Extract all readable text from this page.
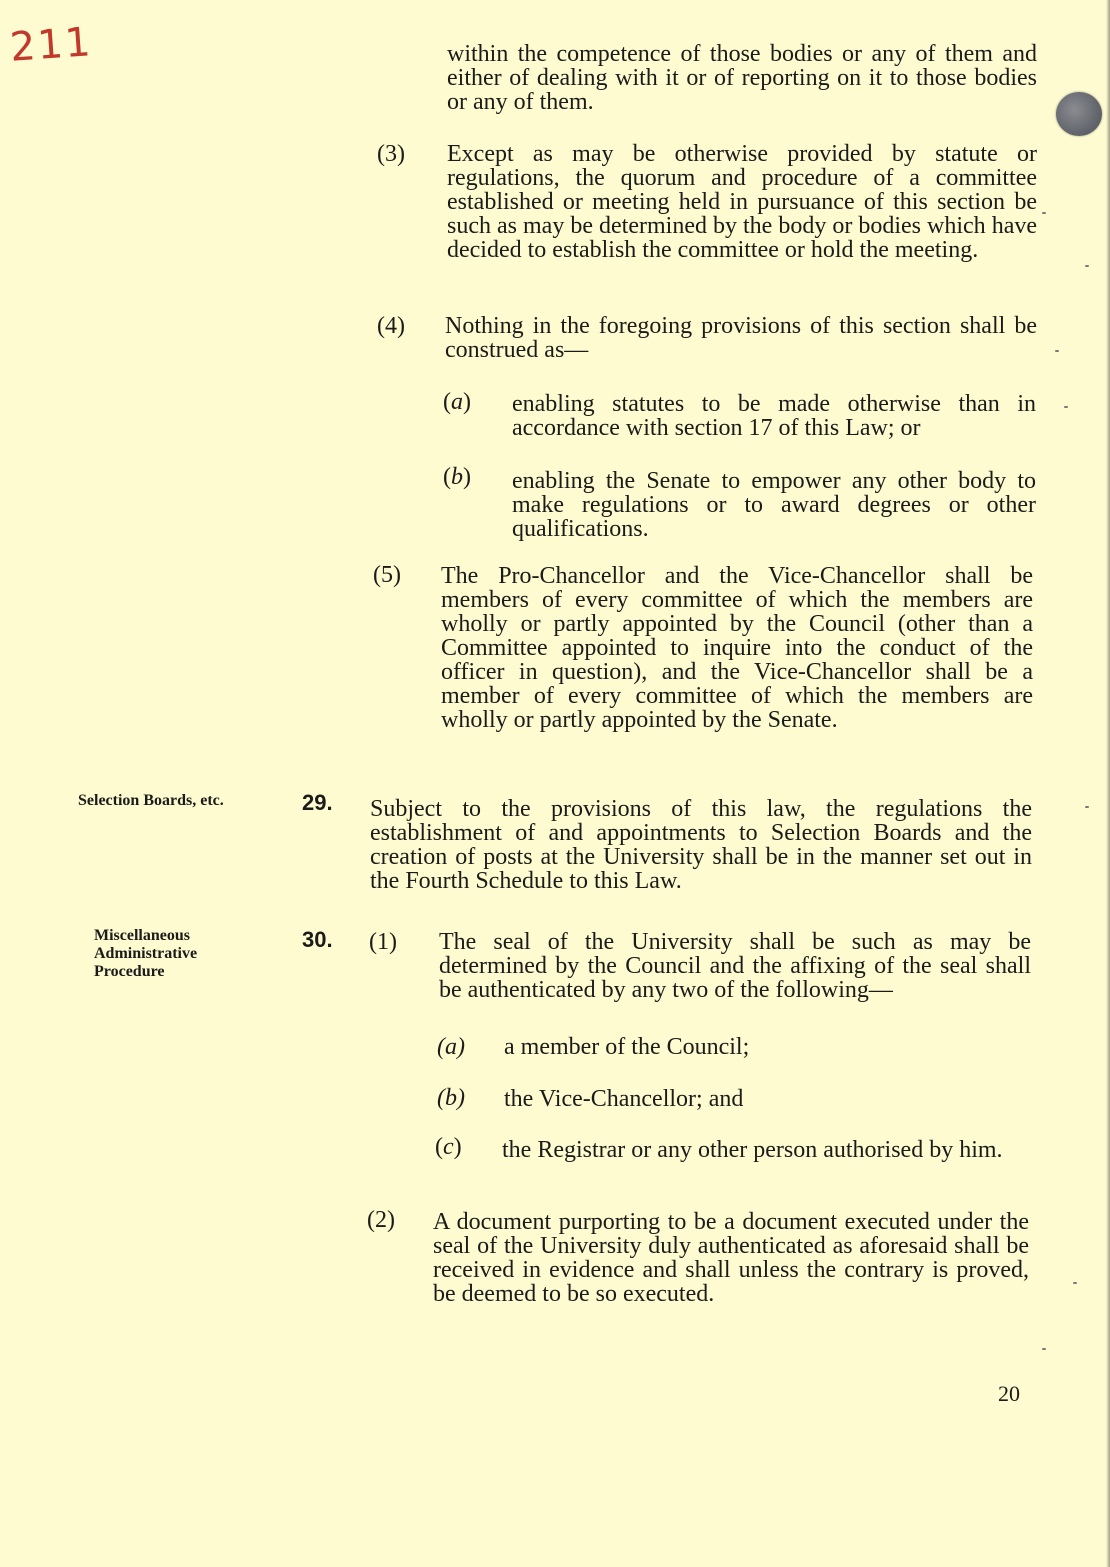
211	within the competence of those bodies or any of them and either of dealing with it or of reporting on it to those bodies or any of them.
(3) Except as may be otherwise provided by statute or regulations, the quorum and procedure of a committee established or meeting held in pursuance of this section be such as may be determined by the body or bodies which have decided to establish the committee or hold the meeting.
(4) Nothing in the foregoing provisions of this section shall be construed as—
(a) enabling statutes to be made otherwise than in accordance with section 17 of this Law; or
(b) enabling the Senate to empower any other body to make regulations or to award degrees or other qualifications.
(5) The Pro-Chancellor and the Vice-Chancellor shall be members of every committee of which the members are wholly or partly appointed by the Council (other than a Committee appointed to inquire into the conduct of the officer in question), and the Vice-Chancellor shall be a member of every committee of which the members are wholly or partly appointed by the Senate.
Selection Boards, etc.	29. Subject to the provisions of this law, the regulations the establishment of and appointments to Selection Boards and the creation of posts at the University shall be in the manner set out in the Fourth Schedule to this Law.
Miscellaneous Administrative Procedure
30. (1) The seal of the University shall be such as may be determined by the Council and the affixing of the seal shall be authenticated by any two of the following—
(a) a member of the Council;
(b) the Vice-Chancellor; and
(c) the Registrar or any other person authorised by him.
(2) A document purporting to be a document executed under the seal of the University duly authenticated as aforesaid shall be received in evidence and shall unless the contrary is proved, be deemed to be so executed.
20
